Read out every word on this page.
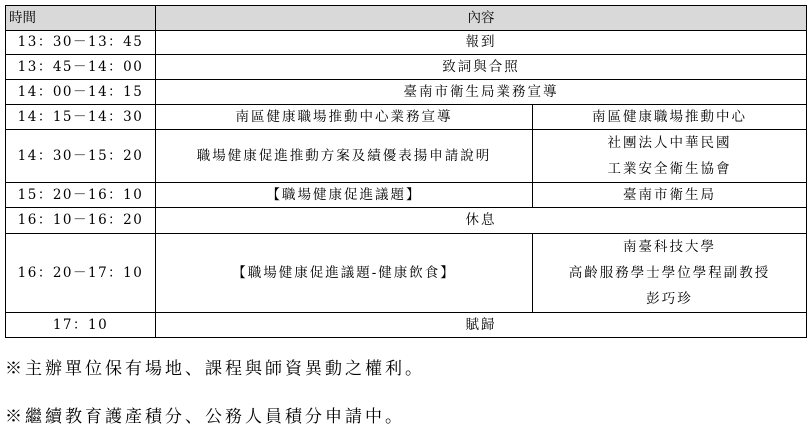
時間	內容	
13：30－13：45	報到	
13：45－14：00	致詞與合照	
14：00－14：15	臺南市衛生局業務宣導	
14：15－14：30	南區健康職場推動中心業務宣導	南區健康職場推動中心
14：30－15：20	職場健康促進推動方案及績優表揚申請說明	社團法人中華民國
工業安全衛生協會

15：20－16：10	【職場健康促進議題】	臺南市衛生局
16：10－16：20	休息	
16：20－17：10	【職場健康促進議題-健康飲食】	南臺科技大學
高齡服務學士學位學程副教授
彭巧珍

17：10	賦歸	
※主辦單位保有場地、課程與師資異動之權利。
※繼續教育護產積分、公務人員積分申請中。
